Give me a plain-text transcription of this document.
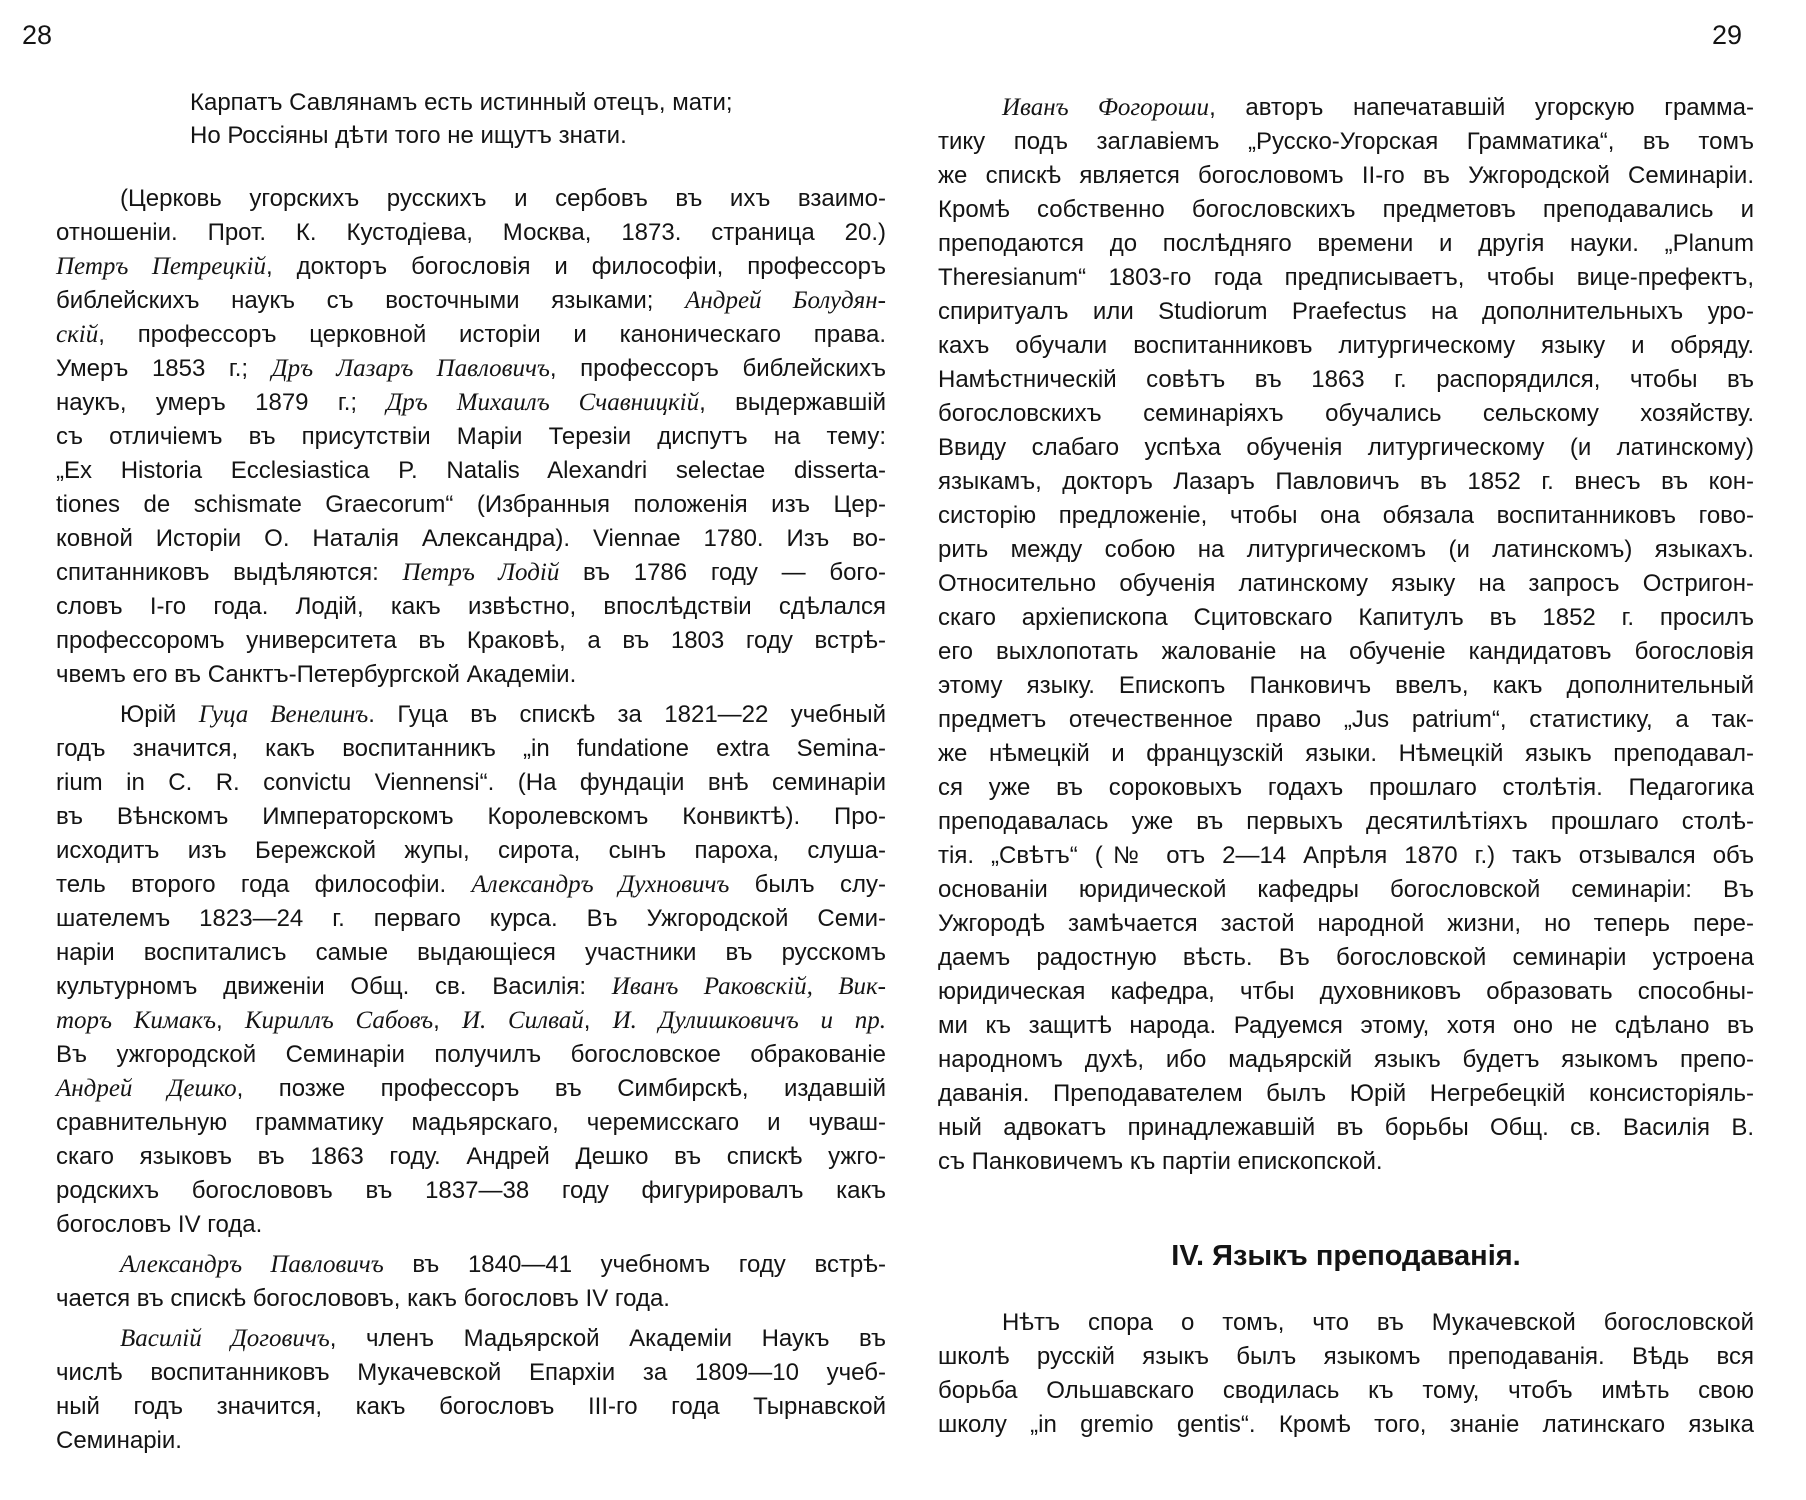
28	29
Карпатъ Савлянамъ есть истинный отецъ, мати;
Но Россіяны дѣти того не ищутъ знати.
(Церковь угорскихъ русскихъ и сербовъ въ ихъ взаимо-
отношеніи. Прот. К. Кустодіева, Москва, 1873. страница 20.)
Петръ Петрецкій, докторъ богословія и философіи, профессоръ
библейскихъ наукъ съ восточными языками; Андрей Болудян-
скій, профессоръ церковной исторіи и каноническаго права.
Умеръ 1853 г.; Дръ Лазаръ Павловичъ, профессоръ библейскихъ
наукъ, умеръ 1879 г.; Дръ Михаилъ Счавницкій, выдержавшій
съ отличіемъ въ присутствіи Маріи Терезіи диспутъ на тему:
„Ex Historia Ecclesiastica P. Natalis Alexandri selectae disserta-
tiones de schismate Graecorum“ (Избранныя положенія изъ Цер-
ковной Исторіи О. Наталія Александра). Viennae 1780. Изъ во-
спитанниковъ выдѣляются: Петръ Лодій въ 1786 году — бого-
словъ I-го года. Лодій, какъ извѣстно, впослѣдствіи сдѣлался
профессоромъ университета въ Краковѣ, а въ 1803 году встрѣ-
чвемъ его въ Санктъ-Петербургской Академіи.
Юрій Гуца Венелинъ. Гуца въ спискѣ за 1821—22 учебный
годъ значится, какъ воспитанникъ „in fundatione extra Semina-
rium in C. R. convictu Viennensi“. (На фундаціи внѣ семинаріи
въ Вѣнскомъ Императорскомъ Королевскомъ Конвиктѣ). Про-
исходитъ изъ Бережской жупы, сирота, сынъ пароха, слуша-
тель второго года философіи. Александръ Духновичъ былъ слу-
шателемъ 1823—24 г. перваго курса. Въ Ужгородской Семи-
наріи воспиталисъ самые выдающіеся участники въ русскомъ
культурномъ движеніи Общ. св. Василія: Иванъ Раковскій, Вик-
торъ Кимакъ, Кириллъ Сабовъ, И. Силвай, И. Дулишковичъ и пр.
Въ ужгородской Семинаріи получилъ богословское обракованіе
Андрей Дешко, позже профессоръ въ Симбирскѣ, издавшій
сравнительную грамматику мадьярскаго, черемисскаго и чуваш-
скаго языковъ въ 1863 году. Андрей Дешко въ спискѣ ужго-
родскихъ богослововъ въ 1837—38 году фигурировалъ какъ
богословъ IV года.
Александръ Павловичъ въ 1840—41 учебномъ году встрѣ-
чается въ спискѣ богослововъ, какъ богословъ IV года.
Василій Договичъ, членъ Мадьярской Академіи Наукъ въ
числѣ воспитанниковъ Мукачевской Епархіи за 1809—10 учеб-
ный годъ значится, какъ богословъ III-го года Тырнавской
Семинаріи.
Иванъ Фогороши, авторъ напечатавшій угорскую грамма-
тику подъ заглавіемъ „Русско-Угорская Грамматика“, въ томъ
же спискѣ является богословомъ II-го въ Ужгородской Семинаріи.
Кромѣ собственно богословскихъ предметовъ преподавались и
преподаются до послѣдняго времени и другія науки. „Planum
Theresianum“ 1803-го года предписываетъ, чтобы вице-префектъ,
спиритуалъ или Studiorum Praefectus на дополнительныхъ уро-
кахъ обучали воспитанниковъ литургическому языку и обряду.
Намѣстническій совѣтъ въ 1863 г. распорядился, чтобы въ
богословскихъ семинаріяхъ обучались сельскому хозяйству.
Ввиду слабаго успѣха обученія литургическому (и латинскому)
языкамъ, докторъ Лазаръ Павловичъ въ 1852 г. внесъ въ кон-
систорію предложеніе, чтобы она обязала воспитанниковъ гово-
рить между собою на литургическомъ (и латинскомъ) языкахъ.
Относительно обученія латинскому языку на запросъ Остригон-
скаго архіепископа Сцитовскаго Капитулъ въ 1852 г. просилъ
его выхлопотать жалованіе на обученіе кандидатовъ богословія
этому языку. Епископъ Панковичъ ввелъ, какъ дополнительный
предметъ отечественное право „Jus patrium“, статистику, а так-
же нѣмецкій и французскій языки. Нѣмецкій языкъ преподавал-
ся уже въ сороковыхъ годахъ прошлаго столѣтія. Педагогика
преподавалась уже въ первыхъ десятилѣтіяхъ прошлаго столѣ-
тія. „Свѣтъ“ (№ отъ 2—14 Апрѣля 1870 г.) такъ отзывался объ
основаніи юридической кафедры богословской семинаріи: Въ
Ужгородѣ замѣчается застой народной жизни, но теперь пере-
даемъ радостную вѣсть. Въ богословской семинаріи устроена
юридическая кафедра, чтбы духовниковъ образовать способны-
ми къ защитѣ народа. Радуемся этому, хотя оно не сдѣлано въ
народномъ духѣ, ибо мадьярскій языкъ будетъ языкомъ препо-
даванія. Преподавателем былъ Юрій Негребецкій консисторіяль-
ный адвокатъ принадлежавшій въ борьбы Общ. св. Василія В.
съ Панковичемъ къ партіи епископской.
IV. Языкъ преподаванія.
Нѣтъ спора о томъ, что въ Мукачевской богословской
школѣ русскій языкъ былъ языкомъ преподаванія. Вѣдь вся
борьба Ольшавскаго сводилась къ тому, чтобъ имѣть свою
школу „in gremio gentis“. Кромѣ того, знаніе латинскаго языка
